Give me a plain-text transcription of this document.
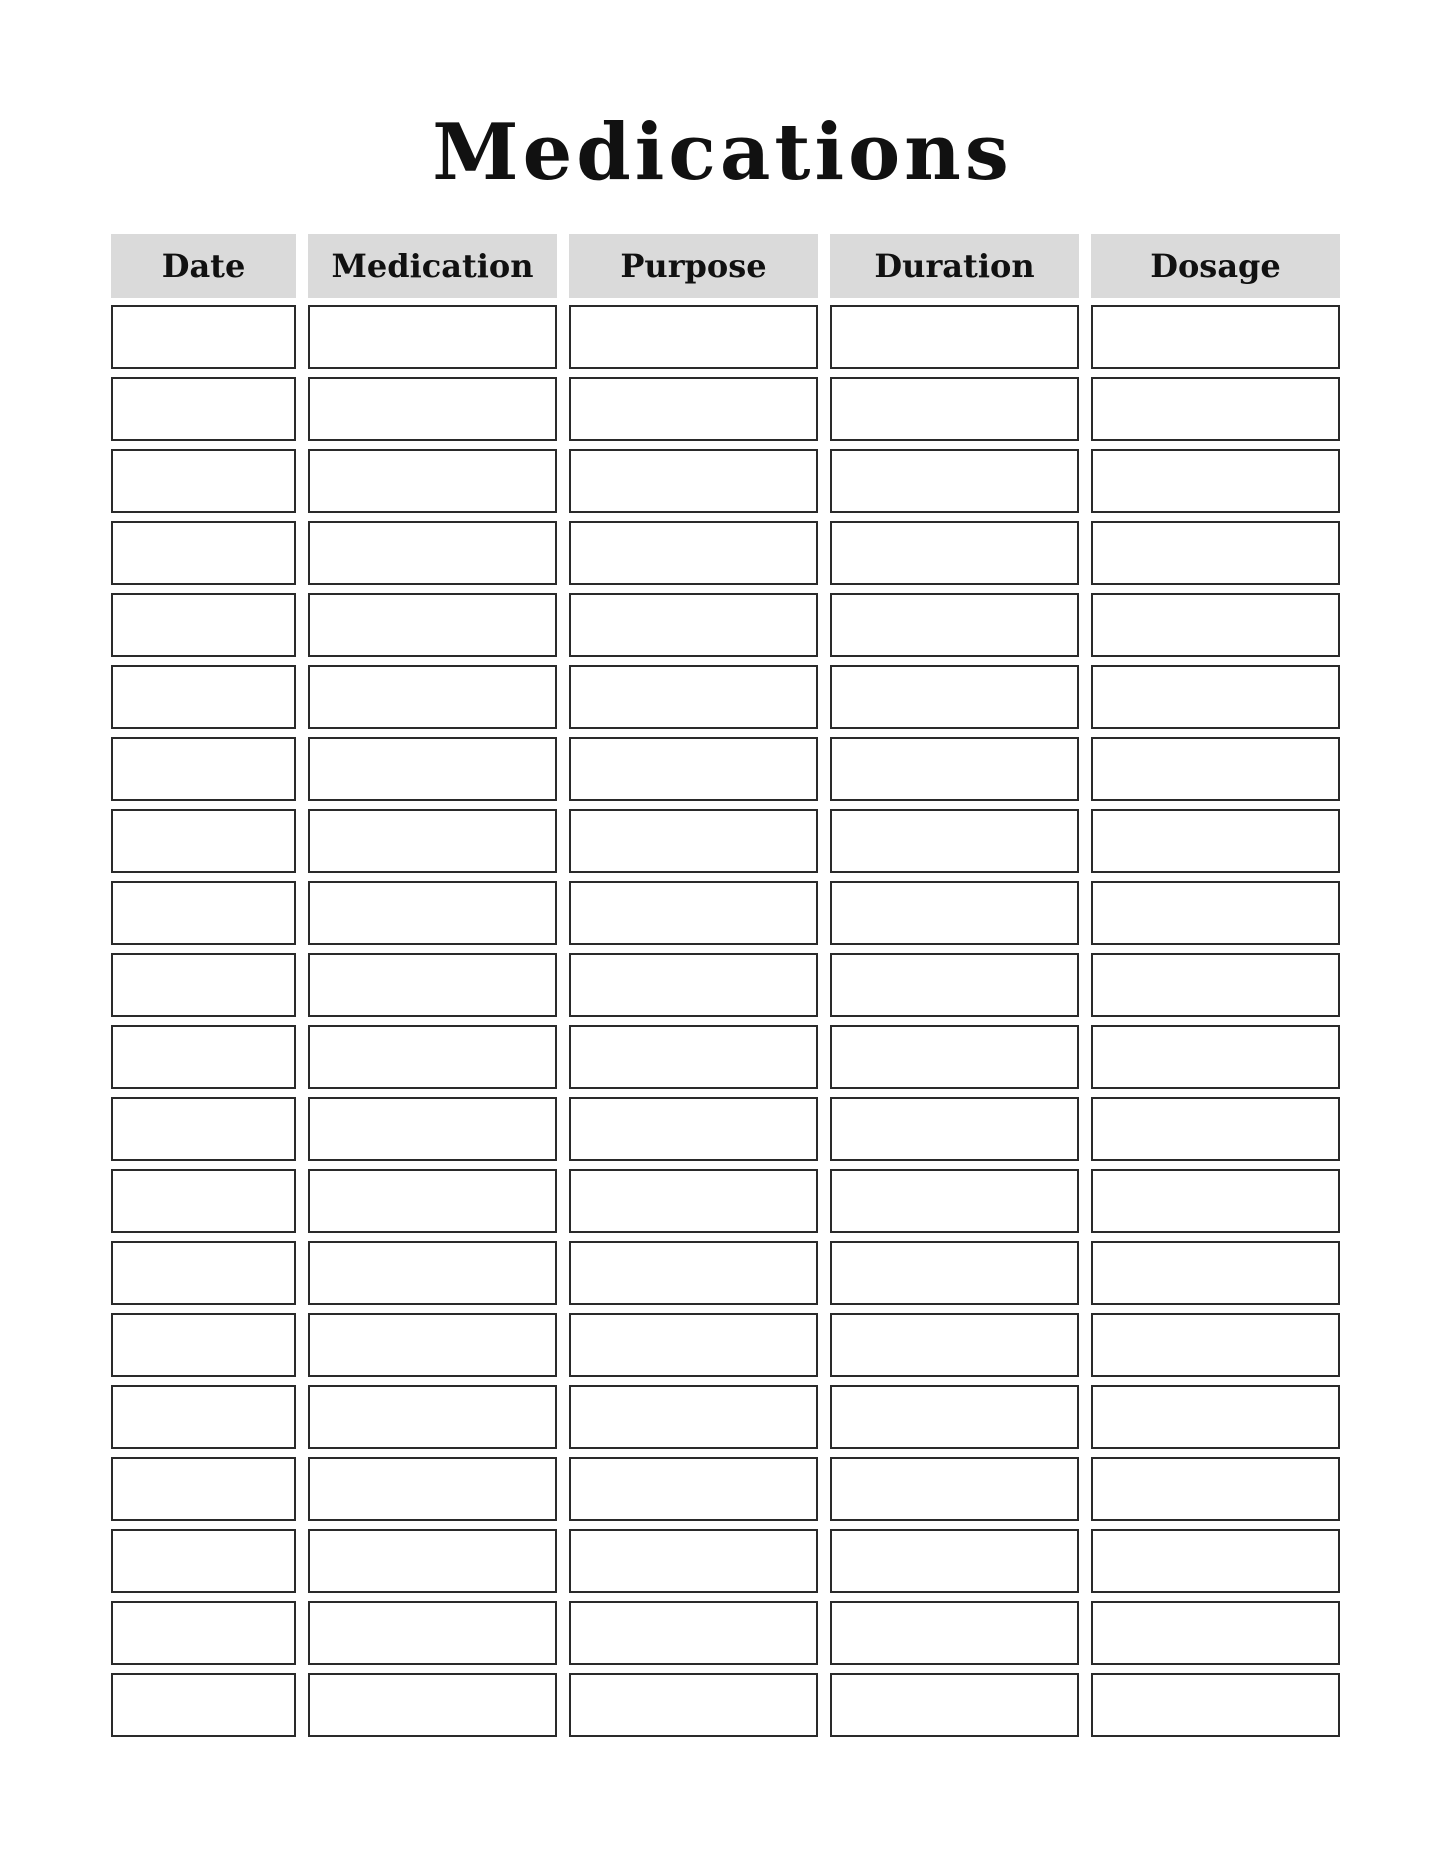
Medications
Date	Medication	Purpose	Duration	Dosage
